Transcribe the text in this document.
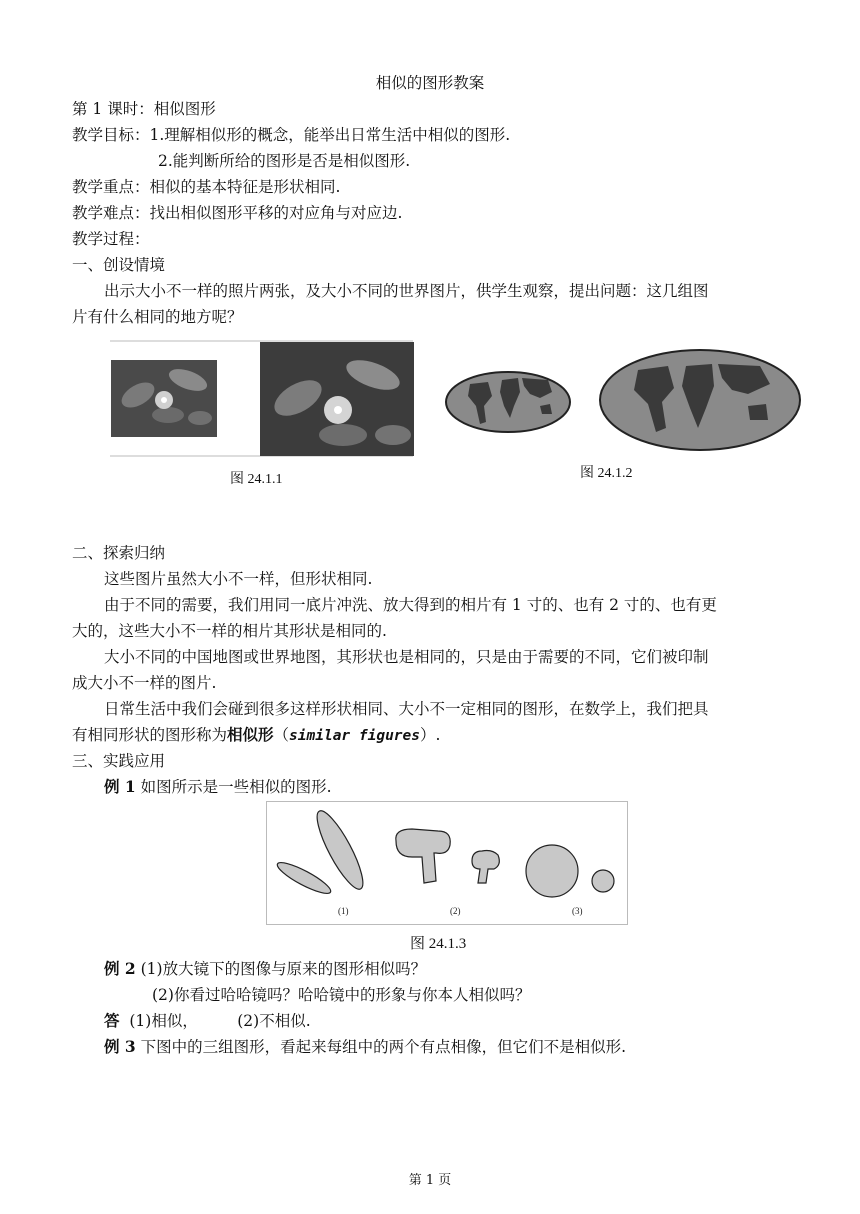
相似的图形教案
第 1 课时：相似图形
教学目标：1.理解相似形的概念，能举出日常生活中相似的图形.
2.能判断所给的图形是否是相似图形.
教学重点：相似的基本特征是形状相同.
教学难点：找出相似图形平移的对应角与对应边.
教学过程：
一、创设情境
出示大小不一样的照片两张，及大小不同的世界图片，供学生观察，提出问题：这几组图
片有什么相同的地方呢？
图 24.1.1	图 24.1.2
二、探索归纳
这些图片虽然大小不一样，但形状相同.
由于不同的需要，我们用同一底片冲洗、放大得到的相片有 1 寸的、也有 2 寸的、也有更
大的，这些大小不一样的相片其形状是相同的.
大小不同的中国地图或世界地图，其形状也是相同的，只是由于需要的不同，它们被印制
成大小不一样的图片.
日常生活中我们会碰到很多这样形状相同、大小不一定相同的图形，在数学上，我们把具
有相同形状的图形称为相似形（similar figures）.
三、实践应用
例 1 如图所示是一些相似的图形.
(1)	(2)	(3)
图 24.1.3
例 2 (1)放大镜下的图像与原来的图形相似吗？
(2)你看过哈哈镜吗？哈哈镜中的形象与你本人相似吗？
答  (1)相似，        (2)不相似.
例 3 下图中的三组图形，看起来每组中的两个有点相像，但它们不是相似形.
第 1 页
